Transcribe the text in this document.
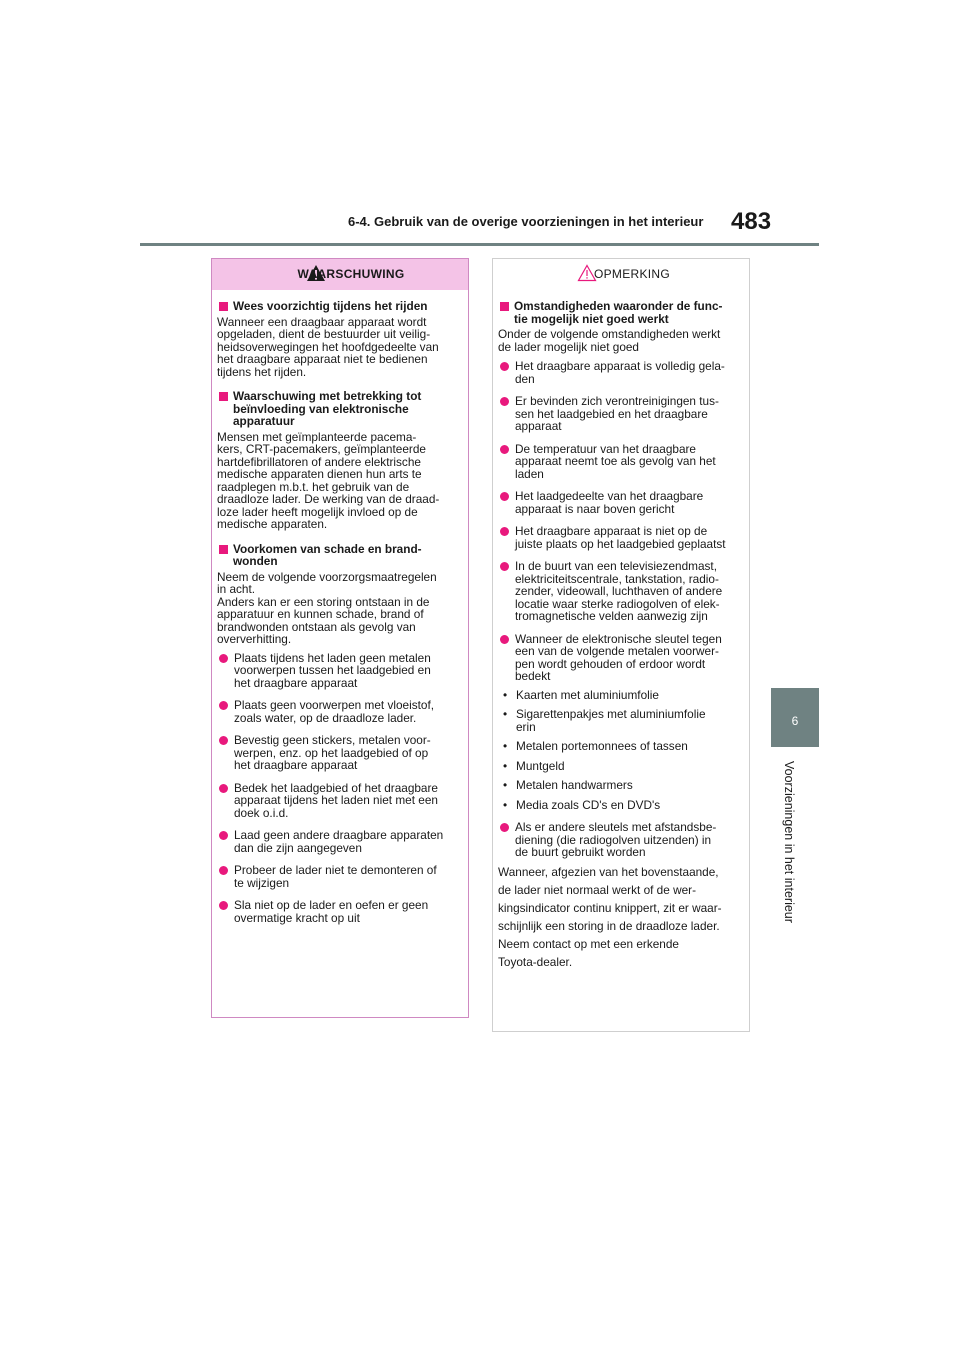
6-4. Gebruik van de overige voorzieningen in het interieur 483
6
Voorzieningen in het interieur
WAARSCHUWING
Wees voorzichtig tijdens het rijden
Wanneer een draagbaar apparaat wordt
opgeladen, dient de bestuurder uit veilig-
heidsoverwegingen het hoofdgedeelte van
het draagbare apparaat niet te bedienen
tijdens het rijden.
Waarschuwing met betrekking tot
beïnvloeding van elektronische
apparatuur
Mensen met geïmplanteerde pacema-
kers, CRT-pacemakers, geïmplanteerde
hartdefibrillatoren of andere elektrische
medische apparaten dienen hun arts te
raadplegen m.b.t. het gebruik van de
draadloze lader. De werking van de draad-
loze lader heeft mogelijk invloed op de
medische apparaten.
Voorkomen van schade en brand-
wonden
Neem de volgende voorzorgsmaatregelen
in acht.
Anders kan er een storing ontstaan in de
apparatuur en kunnen schade, brand of
brandwonden ontstaan als gevolg van
oververhitting.
Plaats tijdens het laden geen metalen
voorwerpen tussen het laadgebied en
het draagbare apparaat
Plaats geen voorwerpen met vloeistof,
zoals water, op de draadloze lader.
Bevestig geen stickers, metalen voor-
werpen, enz. op het laadgebied of op
het draagbare apparaat
Bedek het laadgebied of het draagbare
apparaat tijdens het laden niet met een
doek o.i.d.
Laad geen andere draagbare apparaten
dan die zijn aangegeven
Probeer de lader niet te demonteren of
te wijzigen
Sla niet op de lader en oefen er geen
overmatige kracht op uit
OPMERKING
Omstandigheden waaronder de func-
tie mogelijk niet goed werkt
Onder de volgende omstandigheden werkt
de lader mogelijk niet goed
Het draagbare apparaat is volledig gela-
den
Er bevinden zich verontreinigingen tus-
sen het laadgebied en het draagbare
apparaat
De temperatuur van het draagbare
apparaat neemt toe als gevolg van het
laden
Het laadgedeelte van het draagbare
apparaat is naar boven gericht
Het draagbare apparaat is niet op de
juiste plaats op het laadgebied geplaatst
In de buurt van een televisiezendmast,
elektriciteitscentrale, tankstation, radio-
zender, videowall, luchthaven of andere
locatie waar sterke radiogolven of elek-
tromagnetische velden aanwezig zijn
Wanneer de elektronische sleutel tegen
een van de volgende metalen voorwer-
pen wordt gehouden of erdoor wordt
bedekt
• Kaarten met aluminiumfolie
• Sigarettenpakjes met aluminiumfolie
erin
• Metalen portemonnees of tassen
• Muntgeld
• Metalen handwarmers
• Media zoals CD's en DVD's
Als er andere sleutels met afstandsbe-
diening (die radiogolven uitzenden) in
de buurt gebruikt worden
Wanneer, afgezien van het bovenstaande,
de lader niet normaal werkt of de wer-
kingsindicator continu knippert, zit er waar-
schijnlijk een storing in de draadloze lader.
Neem contact op met een erkende
Toyota-dealer.
